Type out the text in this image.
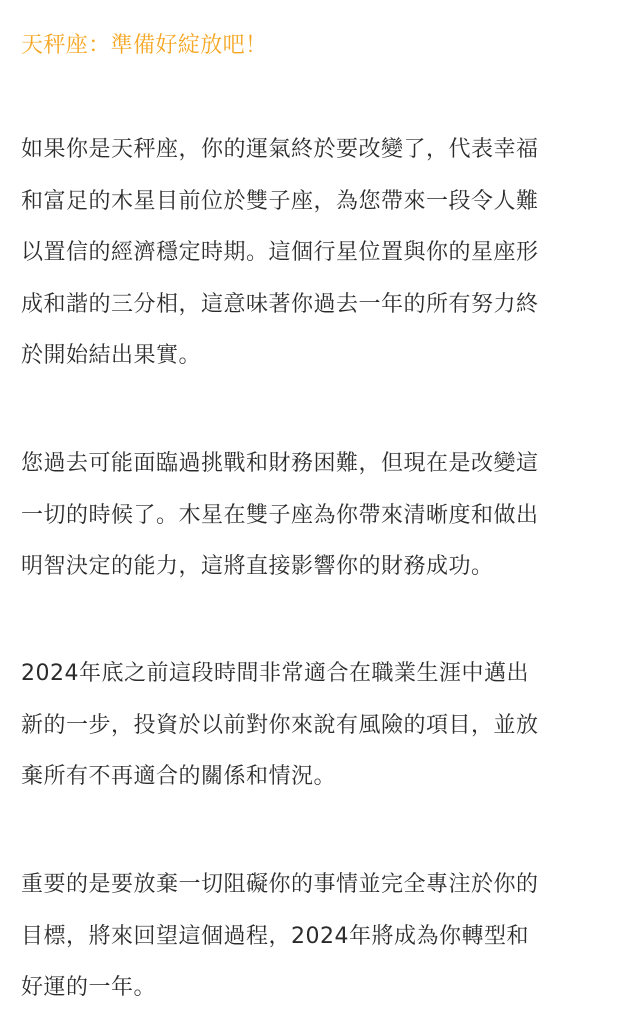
天秤座：準備好綻放吧！

如果你是天秤座，你的運氣終於要改變了，代表幸福
和富足的木星目前位於雙子座，為您帶來一段令人難
以置信的經濟穩定時期。這個行星位置與你的星座形
成和諧的三分相，這意味著你過去一年的所有努力終
於開始結出果實。

您過去可能面臨過挑戰和財務困難，但現在是改變這
一切的時候了。木星在雙子座為你帶來清晰度和做出
明智決定的能力，這將直接影響你的財務成功。

2024年底之前這段時間非常適合在職業生涯中邁出
新的一步，投資於以前對你來說有風險的項目，並放
棄所有不再適合的關係和情況。

重要的是要放棄一切阻礙你的事情並完全專注於你的
目標，將來回望這個過程，2024年將成為你轉型和
好運的一年。
